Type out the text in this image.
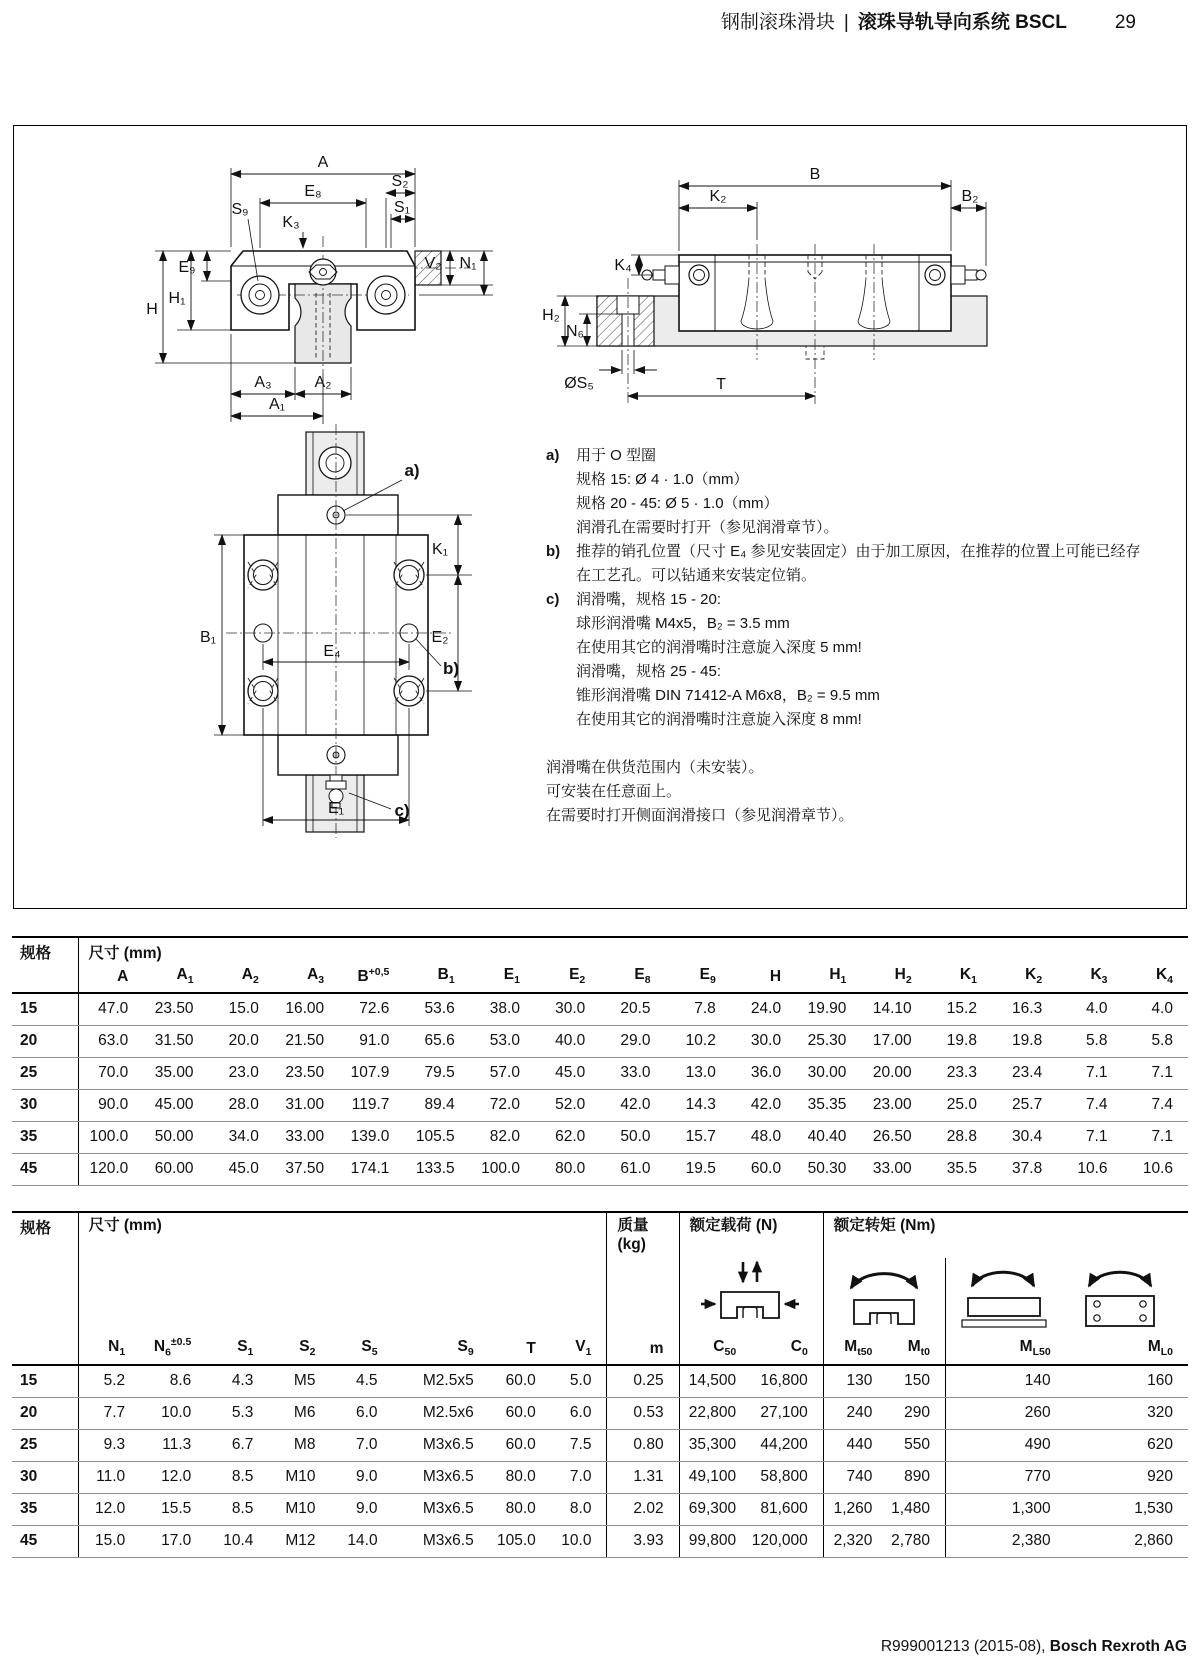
钢制滚珠滑块 | 滚珠导轨导向系统 BSCL	29
A
E₈
S₂
S₁
S₉
K₃
V₂ N₁
E₉
H
H₁
A₃	A₂
A₁
B
K₂	B₂
K₄
H₂
N₆
ØS₅	T
B₁
K₁
E₂
E₄
a)
b)
c)
E₁
a)	用于 O 型圈
规格 15: Ø 4 · 1.0（mm）
规格 20 - 45: Ø 5 · 1.0（mm）
润滑孔在需要时打开（参见润滑章节）。
b)	推荐的销孔位置（尺寸 E₄ 参见安装固定）由于加工原因，在推荐的位置上可能已经存
在工艺孔。可以钻通来安装定位销。
c)	润滑嘴，规格 15 - 20:
球形润滑嘴 M4x5，B₂ = 3.5 mm
在使用其它的润滑嘴时注意旋入深度 5 mm!
润滑嘴，规格 25 - 45:
锥形润滑嘴 DIN 71412-A M6x8，B₂ = 9.5 mm
在使用其它的润滑嘴时注意旋入深度 8 mm!
润滑嘴在供货范围内（未安装）。
可安装在任意面上。
在需要时打开侧面润滑接口（参见润滑章节）。
规格	尺寸 (mm)																
	A	$A_1$	$A_2$	$A_3$	$B^{+0,5}$	$B_1$	$E_1$	$E_2$	$E_8$	$E_9$	H	$H_1$	$H_2$	$K_1$	$K_2$	$K_3$	$K_4$
15	47.0	23.50	15.0	16.00	72.6	53.6	38.0	30.0	20.5	7.8	24.0	19.90	14.10	15.2	16.3	4.0	4.0
20	63.0	31.50	20.0	21.50	91.0	65.6	53.0	40.0	29.0	10.2	30.0	25.30	17.00	19.8	19.8	5.8	5.8
25	70.0	35.00	23.0	23.50	107.9	79.5	57.0	45.0	33.0	13.0	36.0	30.00	20.00	23.3	23.4	7.1	7.1
30	90.0	45.00	28.0	31.00	119.7	89.4	72.0	52.0	42.0	14.3	42.0	35.35	23.00	25.0	25.7	7.4	7.4
35	100.0	50.00	34.0	33.00	139.0	105.5	82.0	62.0	50.0	15.7	48.0	40.40	26.50	28.8	30.4	7.1	7.1
45	120.0	60.00	45.0	37.50	174.1	133.5	100.0	80.0	61.0	19.5	60.0	50.30	33.00	35.5	37.8	10.6	10.6
规格	尺寸 (mm)								质量
(kg)	额定载荷 (N)		额定转矩 (Nm)			

	$N_1$	$N_6^{\pm 0.5}$	$S_1$	$S_2$	$S_5$	$S_9$	T	$V_1$	m	$C_{50}$	$C_0$	$M_{t50}$	$M_{t0}$	$M_{L50}$	$M_{L0}$
15	5.2	8.6	4.3	M5	4.5	M2.5x5	60.0	5.0	0.25	14,500	16,800	130	150	140	160
20	7.7	10.0	5.3	M6	6.0	M2.5x6	60.0	6.0	0.53	22,800	27,100	240	290	260	320
25	9.3	11.3	6.7	M8	7.0	M3x6.5	60.0	7.5	0.80	35,300	44,200	440	550	490	620
30	11.0	12.0	8.5	M10	9.0	M3x6.5	80.0	7.0	1.31	49,100	58,800	740	890	770	920
35	12.0	15.5	8.5	M10	9.0	M3x6.5	80.0	8.0	2.02	69,300	81,600	1,260	1,480	1,300	1,530
45	15.0	17.0	10.4	M12	14.0	M3x6.5	105.0	10.0	3.93	99,800	120,000	2,320	2,780	2,380	2,860
R999001213 (2015-08), Bosch Rexroth AG
